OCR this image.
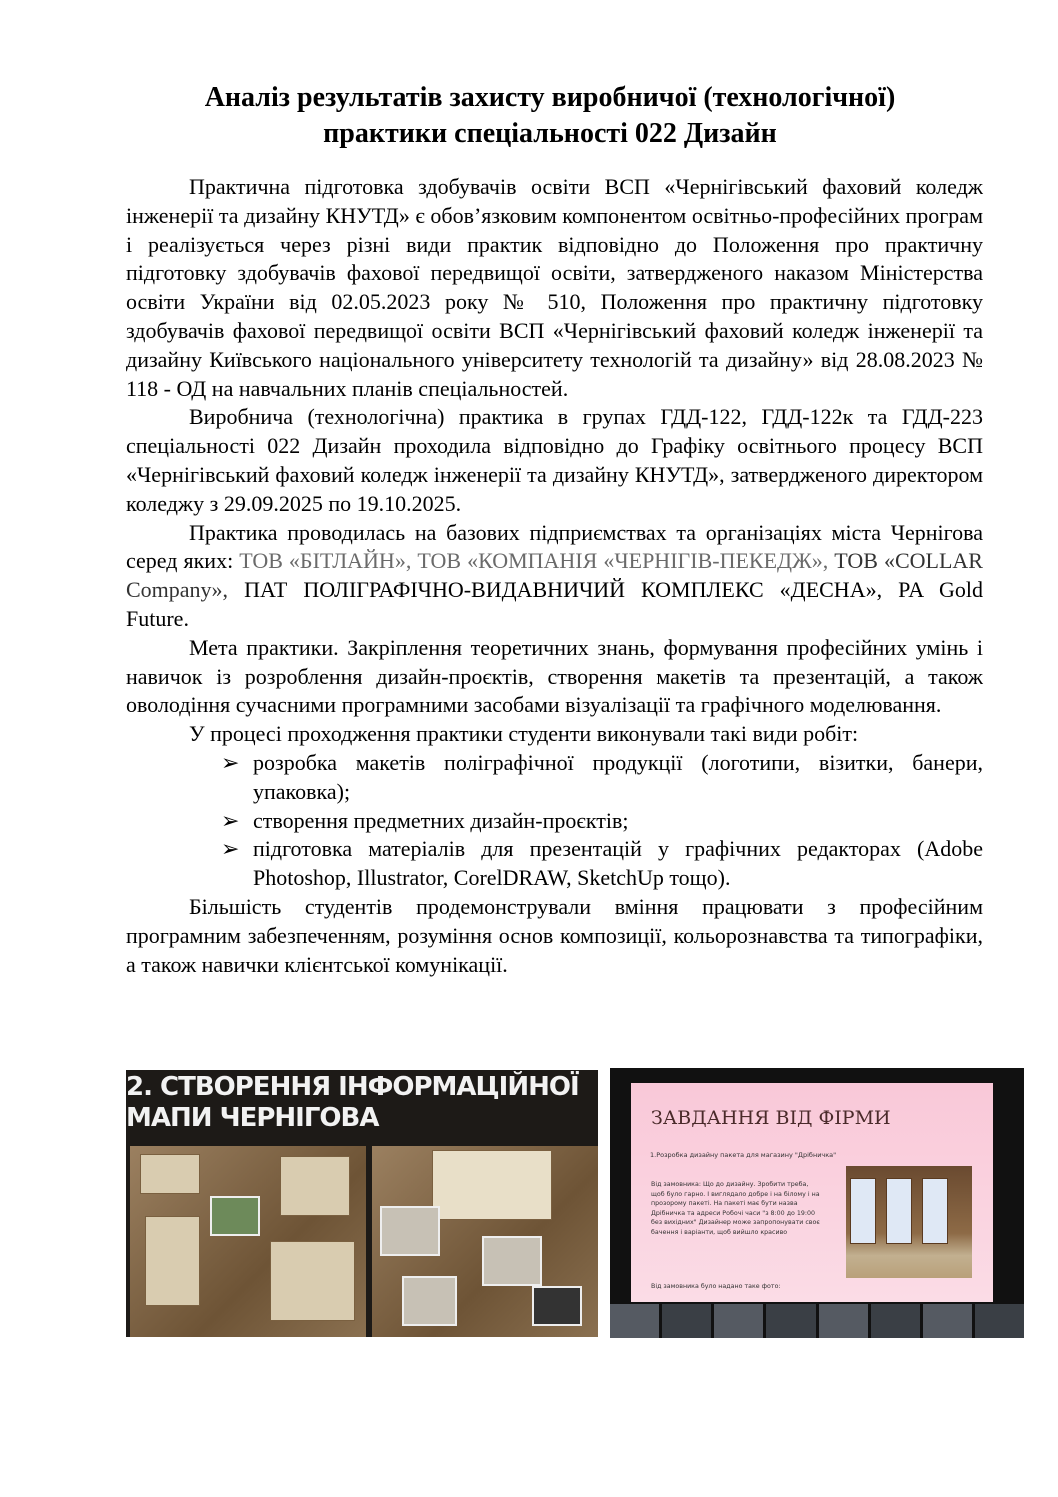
Аналіз результатів захисту виробничої (технологічної)
практики спеціальності 022 Дизайн

Практична підготовка здобувачів освіти ВСП «Чернігівський фаховий коледж інженерії та дизайну КНУТД» є обов’язковим компонентом освітньо-професійних програм і реалізується через різні види практик відповідно до Положення про практичну підготовку здобувачів фахової передвищої освіти, затвердженого наказом Міністерства освіти України від 02.05.2023 року № 510, Положення про практичну підготовку здобувачів фахової передвищої освіти ВСП «Чернігівський фаховий коледж інженерії та дизайну Київського національного університету технологій та дизайну» від 28.08.2023 № 118 - ОД на навчальних планів спеціальностей.

Виробнича (технологічна) практика в групах ГДД-122, ГДД-122к та ГДД-223 спеціальності 022 Дизайн проходила відповідно до Графіку освітнього процесу ВСП «Чернігівський фаховий коледж інженерії та дизайну КНУТД», затвердженого директором коледжу з 29.09.2025 по 19.10.2025.

Практика проводилась на базових підприємствах та організаціях міста Чернігова серед яких: ТОВ «БІТЛАЙН», ТОВ «КОМПАНІЯ «ЧЕРНІГІВ-ПЕКЕДЖ», ТОВ «COLLAR Company», ПАТ ПОЛІГРАФІЧНО-ВИДАВНИЧИЙ КОМПЛЕКС «ДЕСНА», PA Gold Future.

Мета практики. Закріплення теоретичних знань, формування професійних умінь і навичок із розроблення дизайн-проєктів, створення макетів та презентацій, а також оволодіння сучасними програмними засобами візуалізації та графічного моделювання.

У процесі проходження практики студенти виконували такі види робіт:

➢ розробка макетів поліграфічної продукції (логотипи, візитки, банери, упаковка);
➢ створення предметних дизайн-проєктів;
➢ підготовка матеріалів для презентацій у графічних редакторах (Adobe Photoshop, Illustrator, CorelDRAW, SketchUp тощо).

Більшість студентів продемонстрували вміння працювати з професійним програмним забезпеченням, розуміння основ композиції, кольорознавства та типографіки, а також навички клієнтської комунікації.

2. СТВОРЕННЯ ІНФОРМАЦІЙНОЇ МАПИ ЧЕРНІГОВА	ЗАВДАННЯ ВІД ФІРМИ
1.Розробка дизайну пакета для магазину "Дрібничка"
Від замовника: Що до дизайну. Зробити треба, щоб було гарно. І виглядало добре і на білому і на прозорому пакеті. На пакеті має бути назва Дрібничка та адреси Робочі часи "з 8:00 до 19:00 без вихідних" Дизайнер може запропонувати своє бачення і варіанти, щоб вийшло красиво
Від замовника було надано таке фото:
